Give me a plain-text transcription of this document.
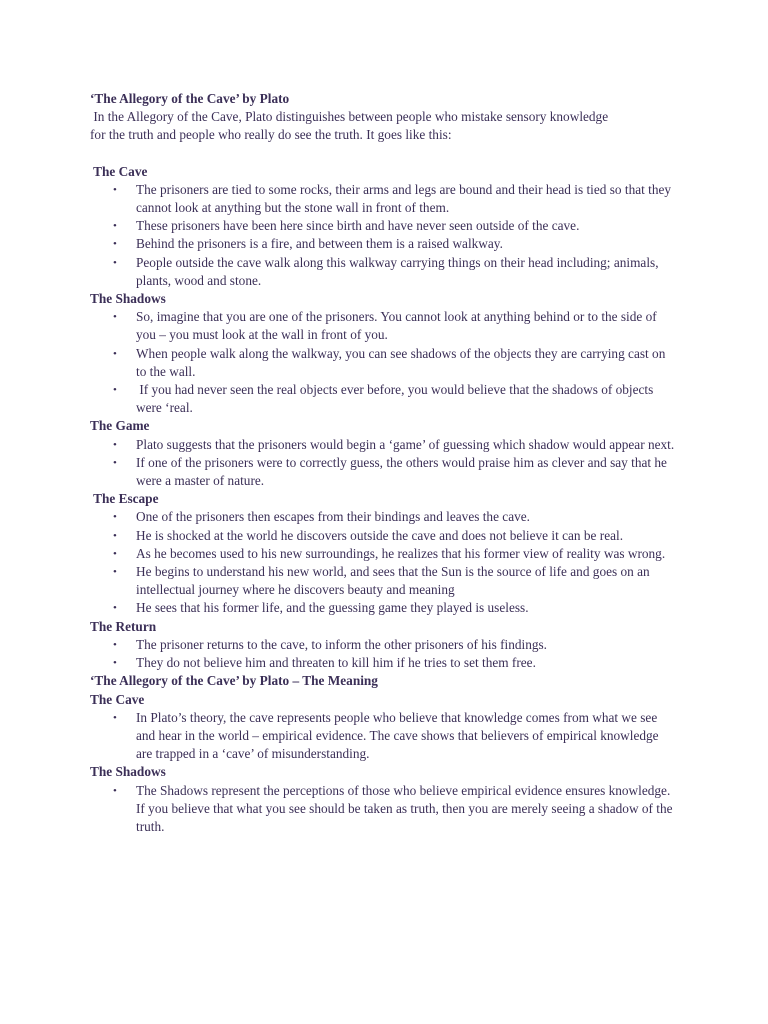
‘The Allegory of the Cave’ by Plato

In the Allegory of the Cave, Plato distinguishes between people who mistake sensory knowledge for the truth and people who really do see the truth. It goes like this:

The Cave

• The prisoners are tied to some rocks, their arms and legs are bound and their head is tied so that they cannot look at anything but the stone wall in front of them.
• These prisoners have been here since birth and have never seen outside of the cave.
• Behind the prisoners is a fire, and between them is a raised walkway.
• People outside the cave walk along this walkway carrying things on their head including; animals, plants, wood and stone.

The Shadows

• So, imagine that you are one of the prisoners. You cannot look at anything behind or to the side of you – you must look at the wall in front of you.
• When people walk along the walkway, you can see shadows of the objects they are carrying cast on to the wall.
• If you had never seen the real objects ever before, you would believe that the shadows of objects were ‘real.

The Game

• Plato suggests that the prisoners would begin a ‘game’ of guessing which shadow would appear next.
• If one of the prisoners were to correctly guess, the others would praise him as clever and say that he were a master of nature.

The Escape

• One of the prisoners then escapes from their bindings and leaves the cave.
• He is shocked at the world he discovers outside the cave and does not believe it can be real.
• As he becomes used to his new surroundings, he realizes that his former view of reality was wrong.
• He begins to understand his new world, and sees that the Sun is the source of life and goes on an intellectual journey where he discovers beauty and meaning
• He sees that his former life, and the guessing game they played is useless.

The Return

• The prisoner returns to the cave, to inform the other prisoners of his findings.
• They do not believe him and threaten to kill him if he tries to set them free.

‘The Allegory of the Cave’ by Plato – The Meaning

The Cave

• In Plato’s theory, the cave represents people who believe that knowledge comes from what we see and hear in the world – empirical evidence. The cave shows that believers of empirical knowledge are trapped in a ‘cave’ of misunderstanding.

The Shadows

• The Shadows represent the perceptions of those who believe empirical evidence ensures knowledge. If you believe that what you see should be taken as truth, then you are merely seeing a shadow of the truth.
